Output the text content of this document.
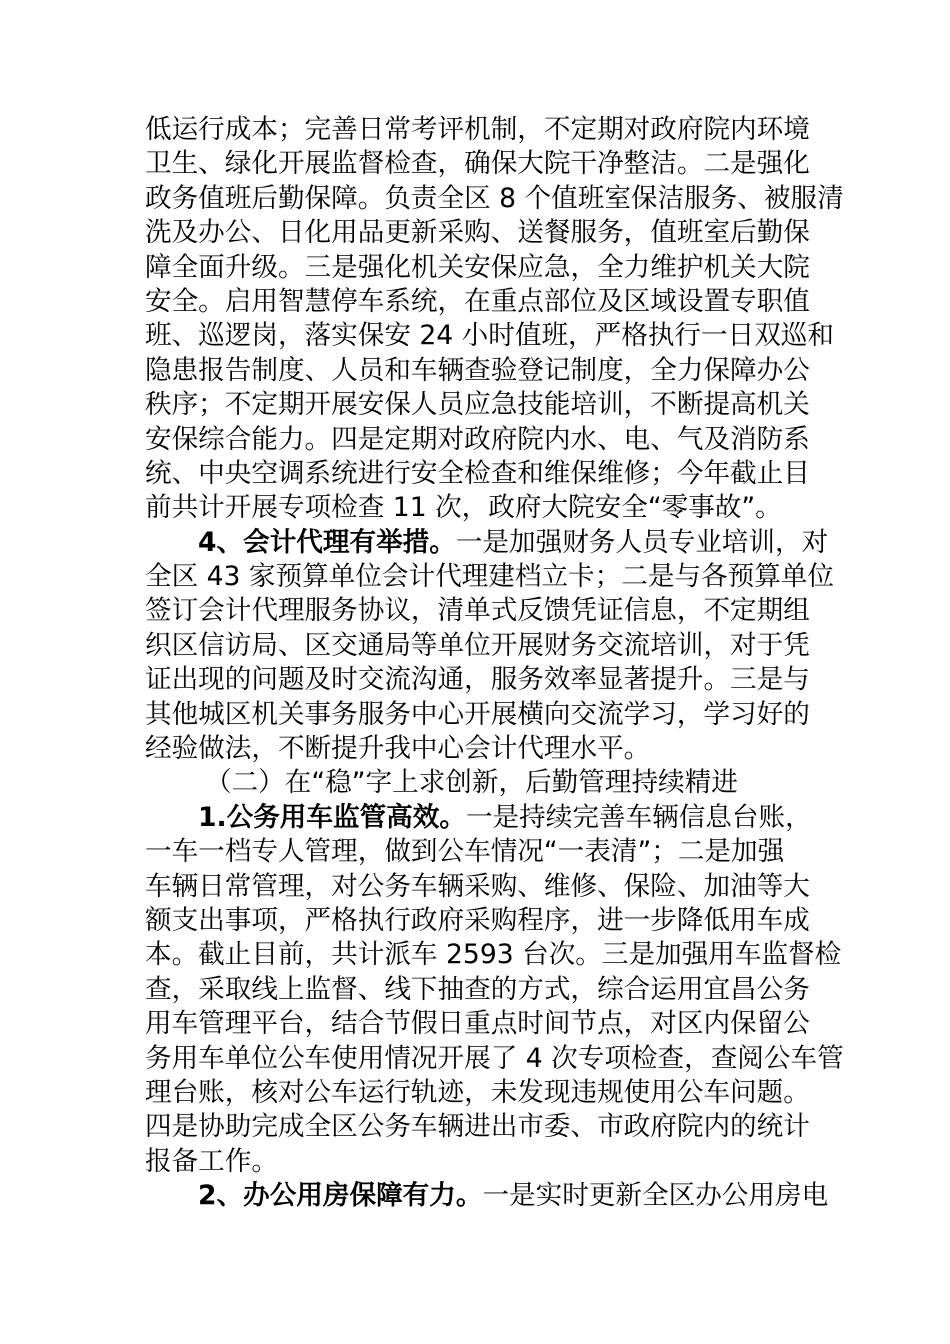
低运行成本；完善日常考评机制，不定期对政府院内环境
卫生、绿化开展监督检查，确保大院干净整洁。二是强化
政务值班后勤保障。负责全区 8 个值班室保洁服务、被服清
洗及办公、日化用品更新采购、送餐服务，值班室后勤保
障全面升级。三是强化机关安保应急，全力维护机关大院
安全。启用智慧停车系统，在重点部位及区域设置专职值
班、巡逻岗，落实保安 24 小时值班，严格执行一日双巡和
隐患报告制度、人员和车辆查验登记制度，全力保障办公
秩序；不定期开展安保人员应急技能培训，不断提高机关
安保综合能力。四是定期对政府院内水、电、气及消防系
统、中央空调系统进行安全检查和维保维修；今年截止目
前共计开展专项检查 11 次，政府大院安全“零事故”。
4、会计代理有举措。一是加强财务人员专业培训，对
全区 43 家预算单位会计代理建档立卡；二是与各预算单位
签订会计代理服务协议，清单式反馈凭证信息，不定期组
织区信访局、区交通局等单位开展财务交流培训，对于凭
证出现的问题及时交流沟通，服务效率显著提升。三是与
其他城区机关事务服务中心开展横向交流学习，学习好的
经验做法，不断提升我中心会计代理水平。
（二）在“稳”字上求创新，后勤管理持续精进
1.公务用车监管高效。一是持续完善车辆信息台账，
一车一档专人管理，做到公车情况“一表清”；二是加强
车辆日常管理，对公务车辆采购、维修、保险、加油等大
额支出事项，严格执行政府采购程序，进一步降低用车成
本。截止目前，共计派车 2593 台次。三是加强用车监督检
查，采取线上监督、线下抽查的方式，综合运用宜昌公务
用车管理平台，结合节假日重点时间节点，对区内保留公
务用车单位公车使用情况开展了 4 次专项检查，查阅公车管
理台账，核对公车运行轨迹，未发现违规使用公车问题。
四是协助完成全区公务车辆进出市委、市政府院内的统计
报备工作。
2、办公用房保障有力。一是实时更新全区办公用房电
